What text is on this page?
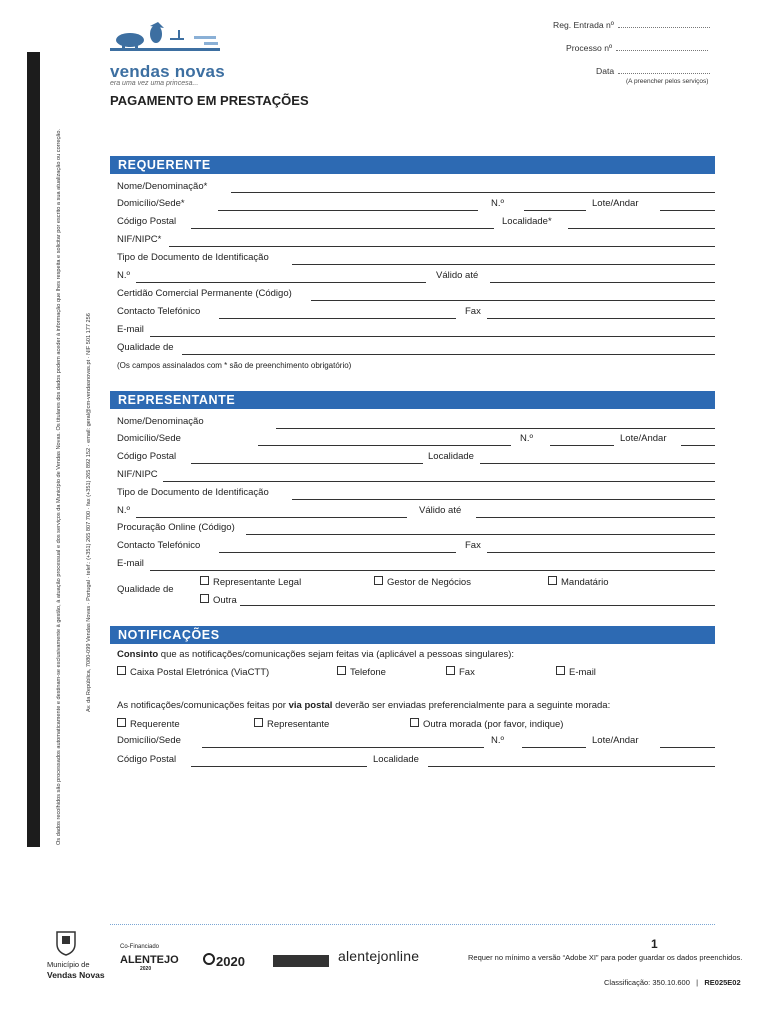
Av. da República, 7080-099 Vendas Novas · Portugal · telef.: (+351) 265 807 700 · fax (+351) 265 892 152 · email: geral@cm-vendasnovas.pt · NIF 501 177 256
Os dados recolhidos são processados automaticamente e destinam-se exclusivamente à gestão, à atuação processual e dos serviços da Município de Vendas Novas. Os titulares dos dados podem aceder à informação que lhes respeita e solicitar por escrito a sua atualização ou correção.
vendas novas
era uma vez uma princesa...
Reg. Entrada nº
Processo nº
Data
(A preencher pelos serviços)
PAGAMENTO EM PRESTAÇÕES
REQUERENTE
Nome/Denominação*
Domicílio/Sede*	N.º	Lote/Andar
Código Postal	Localidade*
NIF/NIPC*
Tipo de Documento de Identificação
N.º	Válido até
Certidão Comercial Permanente (Código)
Contacto Telefónico	Fax
E-mail
Qualidade de
(Os campos assinalados com * são de preenchimento obrigatório)
REPRESENTANTE
Nome/Denominação
Domicílio/Sede	N.º	Lote/Andar
Código Postal	Localidade
NIF/NIPC
Tipo de Documento de Identificação
N.º	Válido até
Procuração Online (Código)
Contacto Telefónico	Fax
E-mail
Qualidade de
Representante Legal	Gestor de Negócios	Mandatário
Outra
NOTIFICAÇÕES
Consinto que as notificações/comunicações sejam feitas via (aplicável a pessoas singulares):
Caixa Postal Eletrónica (ViaCTT)	Telefone	Fax	E-mail
As notificações/comunicações feitas por via postal deverão ser enviadas preferencialmente para a seguinte morada:
Requerente	Representante	Outra morada (por favor, indique)
Domicílio/Sede	N.º	Lote/Andar
Código Postal	Localidade
Município de
Vendas Novas
Co-Financiado
ALENTEJO
2020	2020	alentejonline
1
Requer no mínimo a versão “Adobe XI” para poder guardar os dados preenchidos.
Classificação: 350.10.600 | RE025E02
